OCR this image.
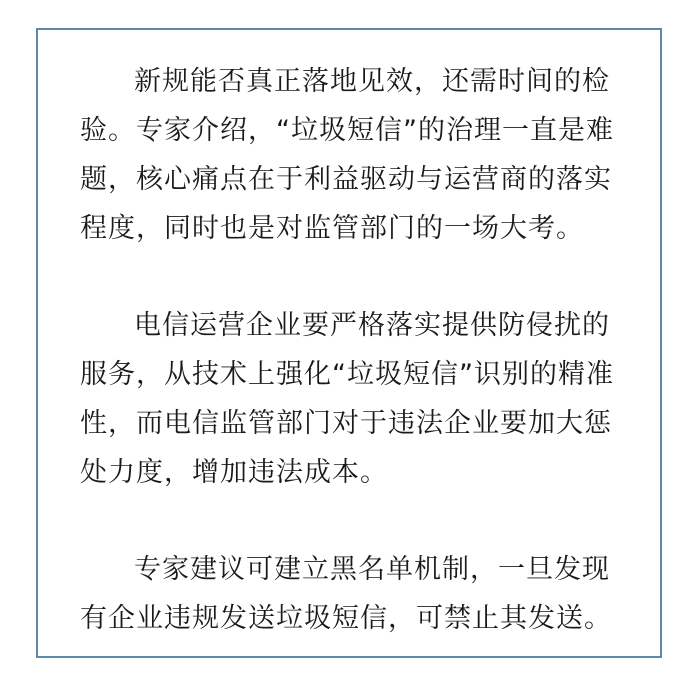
新规能否真正落地见效，还需时间的检
验。专家介绍，“垃圾短信”的治理一直是难
题，核心痛点在于利益驱动与运营商的落实
程度，同时也是对监管部门的一场大考。

电信运营企业要严格落实提供防侵扰的
服务，从技术上强化“垃圾短信”识别的精准
性，而电信监管部门对于违法企业要加大惩
处力度，增加违法成本。

专家建议可建立黑名单机制，一旦发现
有企业违规发送垃圾短信，可禁止其发送。
